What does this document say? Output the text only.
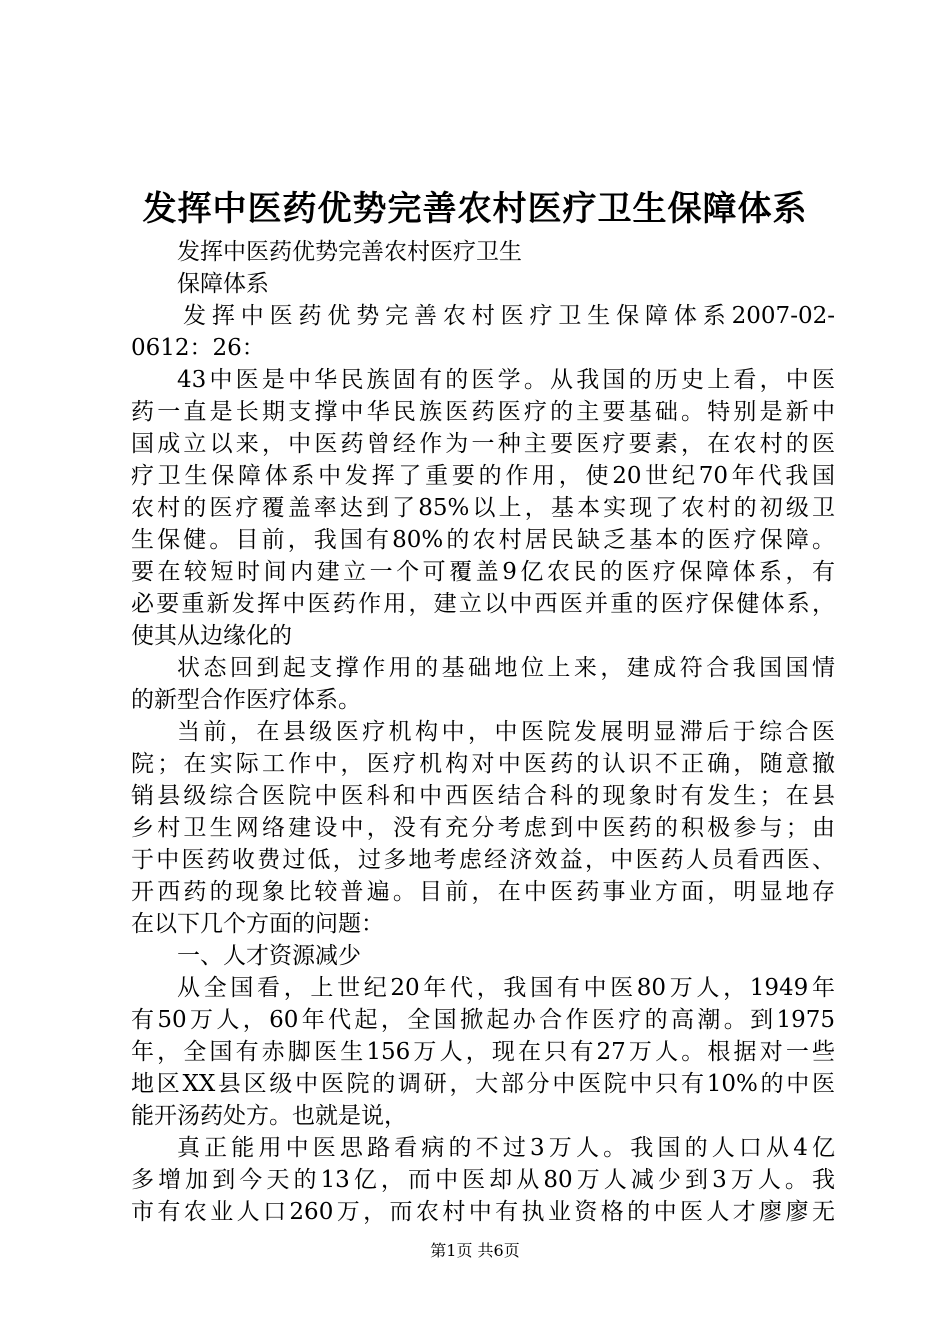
发挥中医药优势完善农村医疗卫生保障体系
发挥中医药优势完善农村医疗卫生
保障体系
发挥中医药优势完善农村医疗卫生保障体系2007-02-
0612：26：
43中医是中华民族固有的医学。从我国的历史上看，中医
药一直是长期支撑中华民族医药医疗的主要基础。特别是新中
国成立以来，中医药曾经作为一种主要医疗要素，在农村的医
疗卫生保障体系中发挥了重要的作用，使20世纪70年代我国
农村的医疗覆盖率达到了85%以上，基本实现了农村的初级卫
生保健。目前，我国有80%的农村居民缺乏基本的医疗保障。
要在较短时间内建立一个可覆盖9亿农民的医疗保障体系，有
必要重新发挥中医药作用，建立以中西医并重的医疗保健体系，
使其从边缘化的
状态回到起支撑作用的基础地位上来，建成符合我国国情
的新型合作医疗体系。
当前，在县级医疗机构中，中医院发展明显滞后于综合医
院；在实际工作中，医疗机构对中医药的认识不正确，随意撤
销县级综合医院中医科和中西医结合科的现象时有发生；在县
乡村卫生网络建设中，没有充分考虑到中医药的积极参与；由
于中医药收费过低，过多地考虑经济效益，中医药人员看西医、
开西药的现象比较普遍。目前，在中医药事业方面，明显地存
在以下几个方面的问题：
一、人才资源减少
从全国看，上世纪20年代，我国有中医80万人，1949年
有50万人，60年代起，全国掀起办合作医疗的高潮。到1975
年，全国有赤脚医生156万人，现在只有27万人。根据对一些
地区XX县区级中医院的调研，大部分中医院中只有10%的中医
能开汤药处方。也就是说，
真正能用中医思路看病的不过3万人。我国的人口从4亿
多增加到今天的13亿，而中医却从80万人减少到3万人。我
市有农业人口260万，而农村中有执业资格的中医人才廖廖无
第1页 共6页
